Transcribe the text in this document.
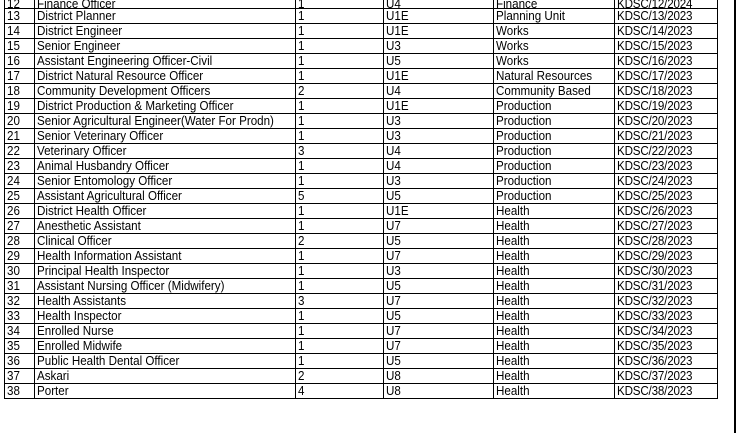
12	Finance Officer	1	U4	Finance	KDSC/12/2024
13	District Planner	1	U1E	Planning Unit	KDSC/13/2023
14	District Engineer	1	U1E	Works	KDSC/14/2023
15	Senior Engineer	1	U3	Works	KDSC/15/2023
16	Assistant Engineering Officer-Civil	1	U5	Works	KDSC/16/2023
17	District Natural Resource Officer	1	U1E	Natural Resources	KDSC/17/2023
18	Community Development Officers	2	U4	Community Based	KDSC/18/2023
19	District Production & Marketing Officer	1	U1E	Production	KDSC/19/2023
20	Senior Agricultural Engineer(Water For Prodn)	1	U3	Production	KDSC/20/2023
21	Senior Veterinary Officer	1	U3	Production	KDSC/21/2023
22	Veterinary Officer	3	U4	Production	KDSC/22/2023
23	Animal Husbandry Officer	1	U4	Production	KDSC/23/2023
24	Senior Entomology Officer	1	U3	Production	KDSC/24/2023
25	Assistant Agricultural Officer	5	U5	Production	KDSC/25/2023
26	District Health Officer	1	U1E	Health	KDSC/26/2023
27	Anesthetic Assistant	1	U7	Health	KDSC/27/2023
28	Clinical Officer	2	U5	Health	KDSC/28/2023
29	Health Information Assistant	1	U7	Health	KDSC/29/2023
30	Principal Health Inspector	1	U3	Health	KDSC/30/2023
31	Assistant Nursing Officer (Midwifery)	1	U5	Health	KDSC/31/2023
32	Health Assistants	3	U7	Health	KDSC/32/2023
33	Health Inspector	1	U5	Health	KDSC/33/2023
34	Enrolled Nurse	1	U7	Health	KDSC/34/2023
35	Enrolled Midwife	1	U7	Health	KDSC/35/2023
36	Public Health Dental Officer	1	U5	Health	KDSC/36/2023
37	Askari	2	U8	Health	KDSC/37/2023
38	Porter	4	U8	Health	KDSC/38/2023
